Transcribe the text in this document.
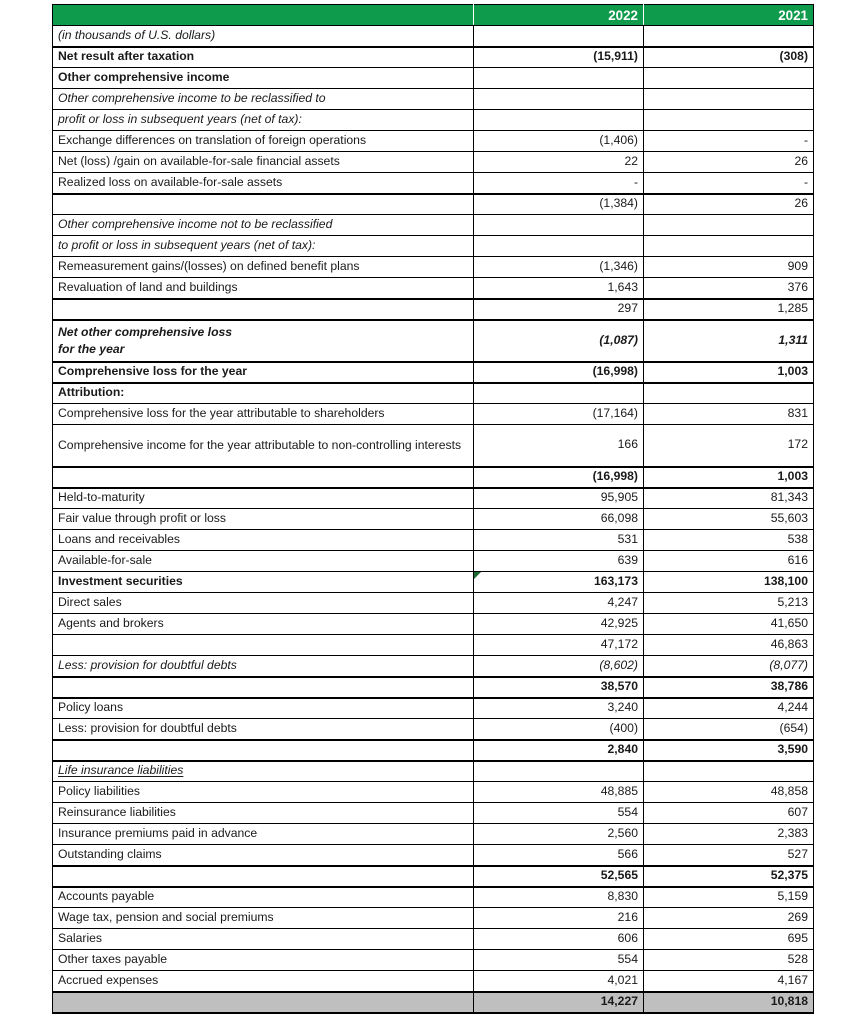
	2022	2021
(in thousands of U.S. dollars)		
Net result after taxation	(15,911)	(308)
Other comprehensive income		
Other comprehensive income to be reclassified to		
profit or loss in subsequent years (net of tax):		
Exchange differences on translation of foreign operations	(1,406)	-
Net (loss) /gain on available-for-sale financial assets	22	26
Realized loss on available-for-sale assets	-	-
	(1,384)	26
Other comprehensive income not to be reclassified		
to profit or loss in subsequent years (net of tax):		
Remeasurement gains/(losses) on defined benefit plans	(1,346)	909
Revaluation of land and buildings	1,643	376
	297	1,285
Net other comprehensive loss
for the year	(1,087)	1,311
Comprehensive loss for the year	(16,998)	1,003
Attribution:		
Comprehensive loss for the year attributable to shareholders	(17,164)	831
Comprehensive income for the year attributable to non-controlling interests	166	172
	(16,998)	1,003
Held-to-maturity	95,905	81,343
Fair value through profit or loss	66,098	55,603
Loans and receivables	531	538
Available-for-sale	639	616
Investment securities	163,173	138,100
Direct sales	4,247	5,213
Agents and brokers	42,925	41,650
	47,172	46,863
Less: provision for doubtful debts	(8,602)	(8,077)
	38,570	38,786
Policy loans	3,240	4,244
Less: provision for doubtful debts	(400)	(654)
	2,840	3,590
Life insurance liabilities		
Policy liabilities	48,885	48,858
Reinsurance liabilities	554	607
Insurance premiums paid in advance	2,560	2,383
Outstanding claims	566	527
	52,565	52,375
Accounts payable	8,830	5,159
Wage tax, pension and social premiums	216	269
Salaries	606	695
Other taxes payable	554	528
Accrued expenses	4,021	4,167
	14,227	10,818
